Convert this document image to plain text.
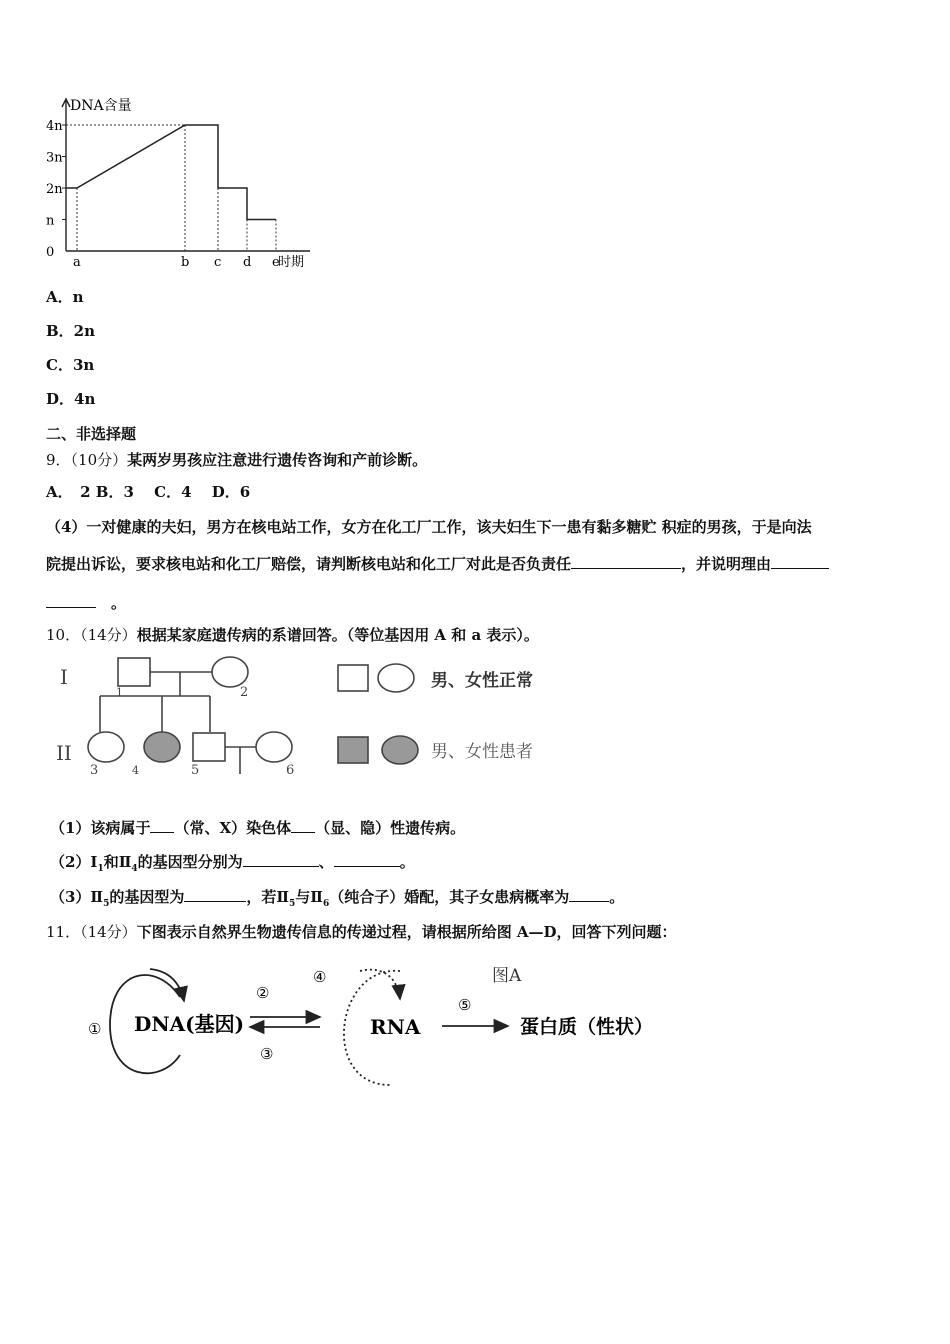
DNA含量
时期
4n
3n
2n
n
0
a	b c d e
A．n
B．2n
C．3n
D．4n
二、非选择题
9．（10分）某两岁男孩应注意进行遗传咨询和产前诊断。
A．　2 B．3　 C．4　 D．6
（4）一对健康的夫妇，男方在核电站工作，女方在化工厂工作，该夫妇生下一患有黏多糖贮 积症的男孩，于是向法
院提出诉讼，要求核电站和化工厂赔偿，请判断核电站和化工厂对此是否负责任	，并说明理由
　。
10．（14分）根据某家庭遗传病的系谱回答。（等位基因用 A 和 a 表示）。
I
II
1	2
3	4	5	6
男、女性正常
男、女性患者
（1）该病属于 （常、X）染色体 （显、隐）性遗传病。
$(2)Ⅰ_1$和$Ⅱ_4$的基因型分别为	、	。
$(3)Ⅱ_5$的基因型为	，若$Ⅱ_5$与$Ⅱ_6$（纯合子）婚配，其子女患病概率为	。
11．（14分）下图表示自然界生物遗传信息的传递过程，请根据所给图 A—D，回答下列问题：
DNA(基因)	RNA	蛋白质（性状）
图A
①
②
③
④
⑤
